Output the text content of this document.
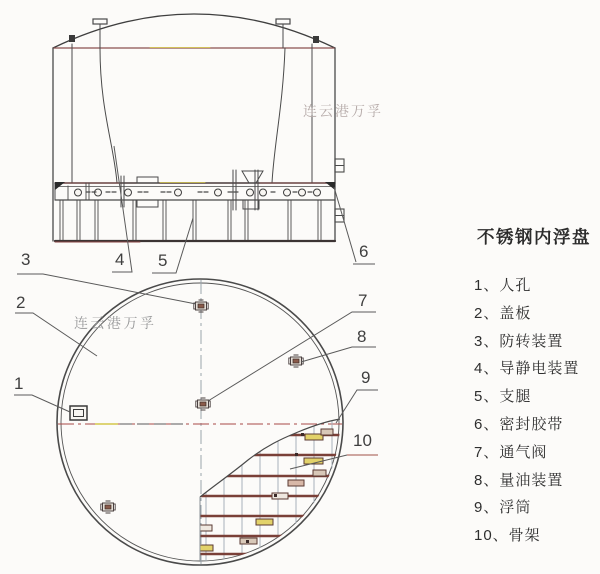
连云港万孚
连云港万孚
1
2
3	4 5	6
7
8
9
10
不锈钢内浮盘
1、人孔
2、盖板
3、防转装置
4、导静电装置
5、支腿
6、密封胶带
7、通气阀
8、量油装置
9、浮筒
10、骨架
